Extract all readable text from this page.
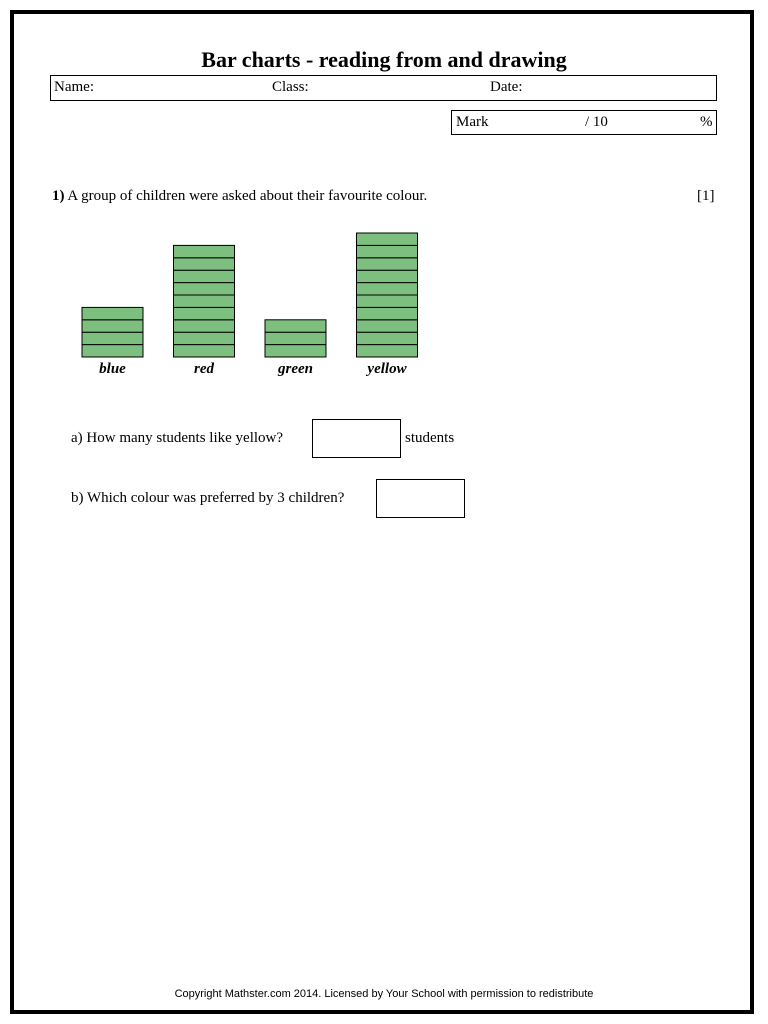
Bar charts - reading from and drawing
Name:	Class:	Date:
Mark	/ 10	%
1) A group of children were asked about their favourite colour.	[1]
blue	red	green	yellow
a) How many students like yellow?	students
b) Which colour was preferred by 3 children?
Copyright Mathster.com 2014. Licensed by Your School with permission to redistribute
